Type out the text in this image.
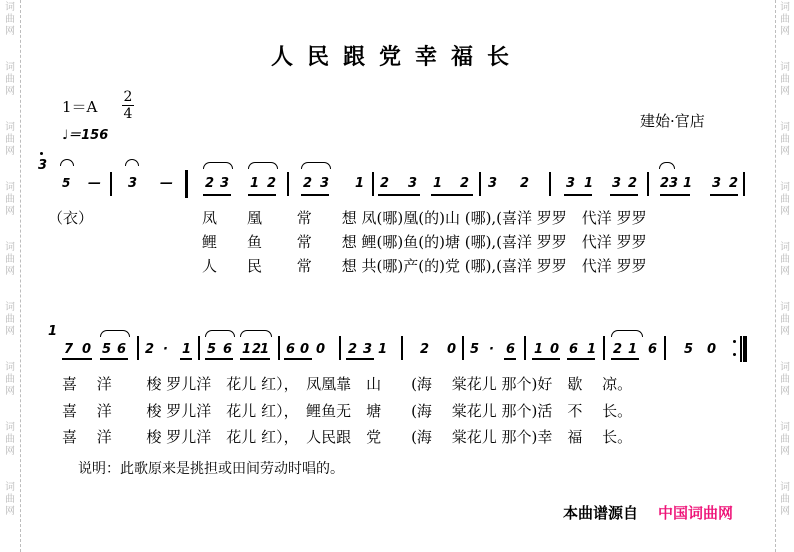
词
曲
网
词
曲
网
词
曲
网
词
曲
网
词
曲
网
词
曲
网
词
曲
网
词
曲
网
词
曲
网
词
曲
网
词
曲
网
词
曲
网
词
曲
网
词
曲
网
词
曲
网
词
曲
网
词
曲
网
词
曲
网
人民跟党幸福长
建始·官店
1＝A
2
4
♩＝156
3
5 — 3 — 2 3 1 2 2 3 1 2 3 1 2 3 2	3 1 3 2 2 3 1 3 2
（衣）	凤　　凰　　 常　　想 凤(哪)凰(的)山 (哪),(喜洋 罗罗　代洋 罗罗
鲤　　鱼　　 常　　想 鲤(哪)鱼(的)塘 (哪),(喜洋 罗罗　代洋 罗罗
人　　民　　 常　　想 共(哪)产(的)党 (哪),(喜洋 罗罗　代洋 罗罗
1
7 0 5 6 2 · 1 5 6 1 2
1 6 0 0 2 3 1	2 0 5 · 6 1 0 6 1 2 1 6 5 0
喜　 洋　　 梭 罗儿洋　花儿 红），　凤凰靠　山　　(海　 棠花儿 那个)好　歇　 凉。
喜　 洋　　 梭 罗儿洋　花儿 红），　鲤鱼无　塘　　(海　 棠花儿 那个)活　不　 长。
喜　 洋　　 梭 罗儿洋　花儿 红），　人民跟　党　　(海　 棠花儿 那个)幸　福　 长。
说明：此歌原来是挑担或田间劳动时唱的。
本曲谱源自 中国词曲网
